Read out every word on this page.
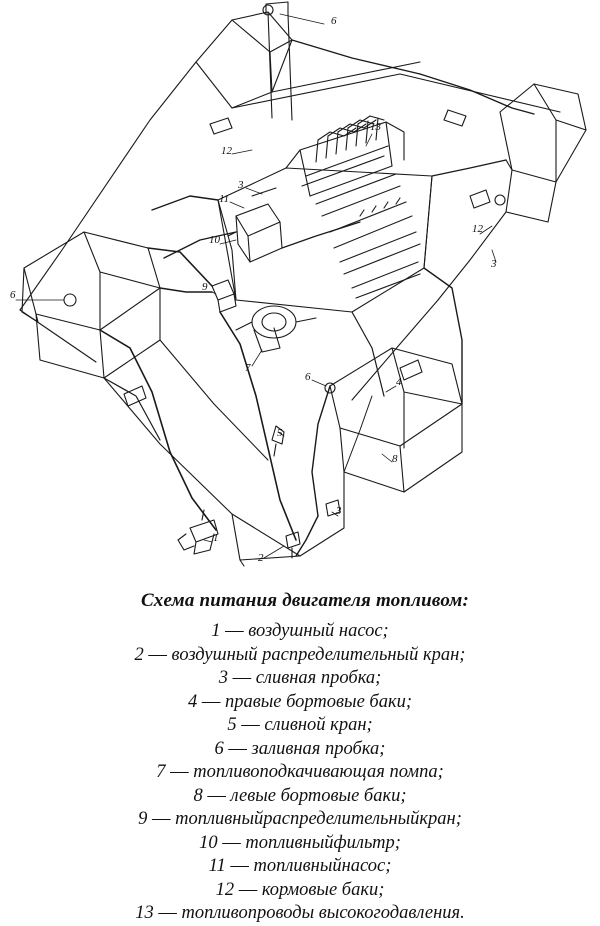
6
12
13
3
11
10
12
3
9
6
7
6	4
5
8
3
1
2

Схема питания двигателя топливом:

1 — воздушный насос;
2 — воздушный распределительный кран;
3 — сливная пробка;
4 — правые бортовые баки;
5 — сливной кран;
6 — заливная пробка;
7 — топливоподкачивающая помпа;
8 — левые бортовые баки;
9 — топливныйраспределительныйкран;
10 — топливныйфильтр;
11 — топливныйнасос;
12 — кормовые баки;
13 — топливопроводы высокогодавления.
